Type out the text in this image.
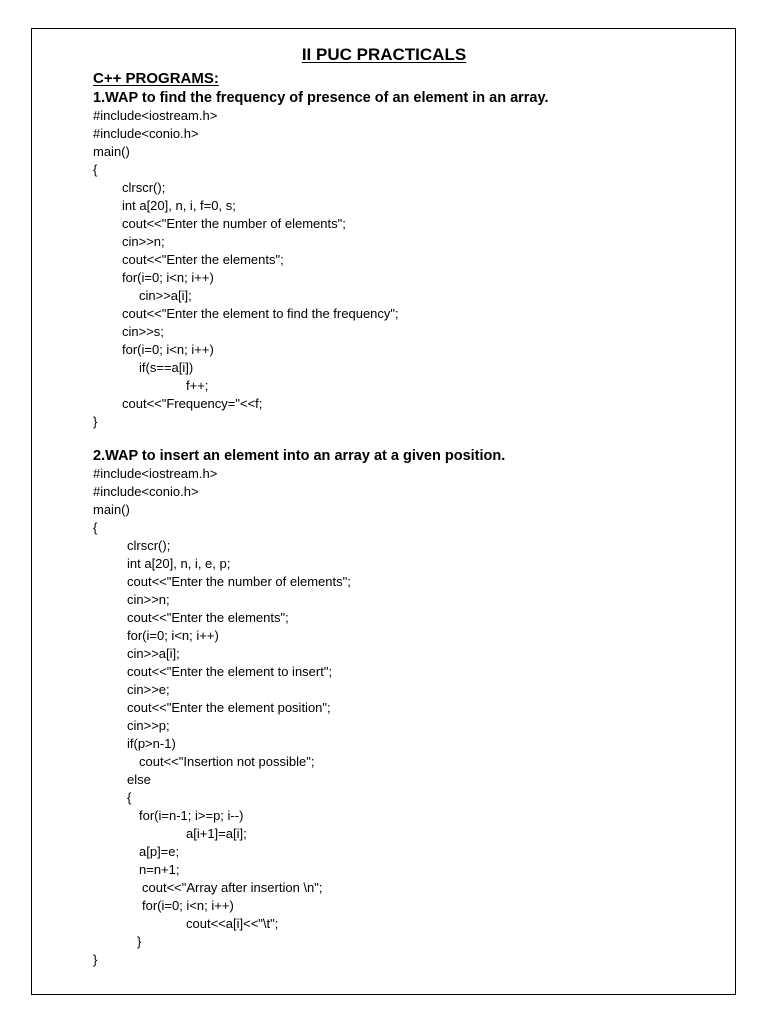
II PUC PRACTICALS
C++ PROGRAMS:
1.WAP to find the frequency of presence of an element in an array.
#include<iostream.h>
#include<conio.h>
main()
{
clrscr();
int a[20], n, i, f=0, s;
cout<<"Enter the number of elements";
cin>>n;
cout<<"Enter the elements";
for(i=0; i<n; i++)
cin>>a[i];
cout<<"Enter the element to find the frequency";
cin>>s;
for(i=0; i<n; i++)
if(s==a[i])
f++;
cout<<"Frequency="<<f;
}
2.WAP to insert an element into an array at a given position.
#include<iostream.h>
#include<conio.h>
main()
{
clrscr();
int a[20], n, i, e, p;
cout<<"Enter the number of elements";
cin>>n;
cout<<"Enter the elements";
for(i=0; i<n; i++)
cin>>a[i];
cout<<"Enter the element to insert";
cin>>e;
cout<<"Enter the element position";
cin>>p;
if(p>n-1)
cout<<"Insertion not possible";
else
{
for(i=n-1; i>=p; i--)
a[i+1]=a[i];
a[p]=e;
n=n+1;
cout<<"Array after insertion \n";
for(i=0; i<n; i++)
cout<<a[i]<<"\t";
}
}
